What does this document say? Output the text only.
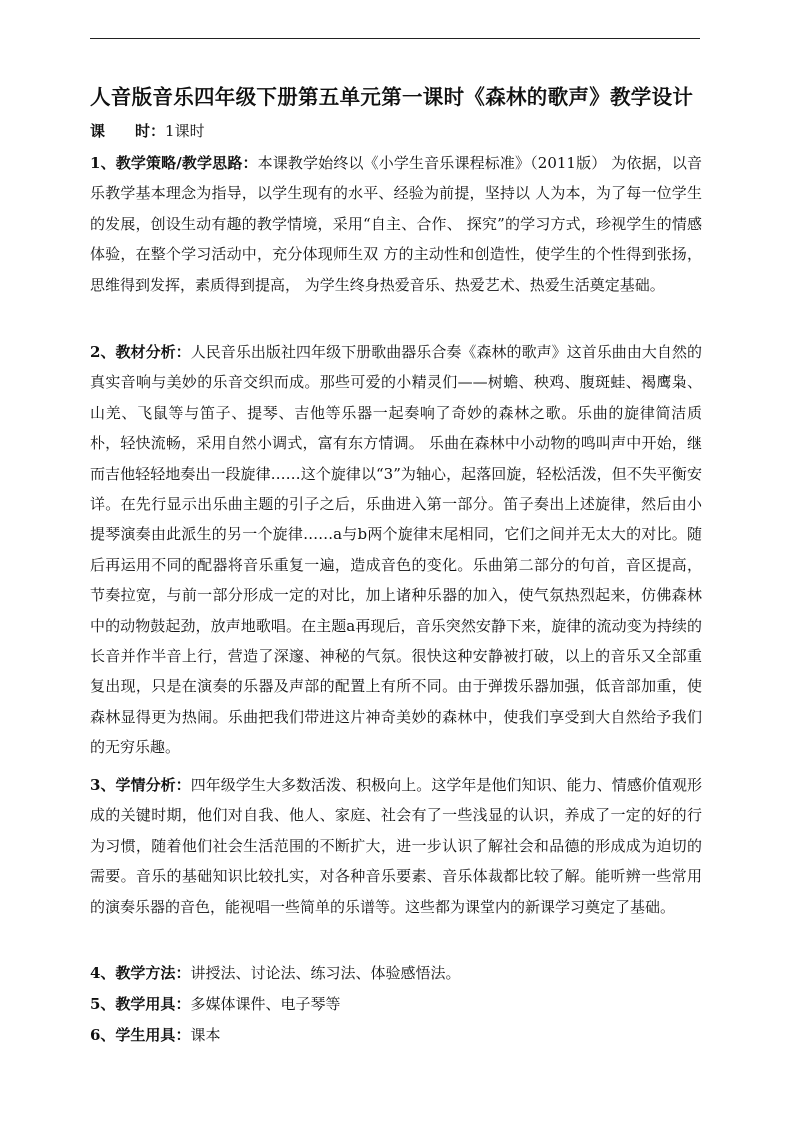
人音版音乐四年级下册第五单元第一课时《森林的歌声》教学设计
课 时：1课时
1、教学策略/教学思路：本课教学始终以《小学生音乐课程标准》（2011版） 为依据，以音乐教学基本理念为指导，以学生现有的水平、经验为前提，坚持以 人为本，为了每一位学生的发展，创设生动有趣的教学情境，采用“自主、合作、 探究”的学习方式，珍视学生的情感体验，在整个学习活动中，充分体现师生双 方的主动性和创造性，使学生的个性得到张扬，思维得到发挥，素质得到提高， 为学生终身热爱音乐、热爱艺术、热爱生活奠定基础。
2、教材分析：人民音乐出版社四年级下册歌曲器乐合奏《森林的歌声》这首乐曲由大自然的真实音响与美妙的乐音交织而成。那些可爱的小精灵们——树蟾、秧鸡、腹斑蛙、褐鹰枭、山羌、飞鼠等与笛子、提琴、吉他等乐器一起奏响了奇妙的森林之歌。乐曲的旋律简洁质朴，轻快流畅，采用自然小调式，富有东方情调。 乐曲在森林中小动物的鸣叫声中开始，继而吉他轻轻地奏出一段旋律……这个旋律以“3”为轴心，起落回旋，轻松活泼，但不失平衡安详。在先行显示出乐曲主题的引子之后，乐曲进入第一部分。笛子奏出上述旋律，然后由小提琴演奏由此派生的另一个旋律……a与b两个旋律末尾相同，它们之间并无太大的对比。随后再运用不同的配器将音乐重复一遍，造成音色的变化。乐曲第二部分的句首，音区提高，节奏拉宽，与前一部分形成一定的对比，加上诸种乐器的加入，使气氛热烈起来，仿佛森林中的动物鼓起劲，放声地歌唱。在主题a再现后，音乐突然安静下来，旋律的流动变为持续的长音并作半音上行，营造了深邃、神秘的气氛。很快这种安静被打破，以上的音乐又全部重复出现，只是在演奏的乐器及声部的配置上有所不同。由于弹拨乐器加强，低音部加重，使森林显得更为热闹。乐曲把我们带进这片神奇美妙的森林中，使我们享受到大自然给予我们的无穷乐趣。
3、学情分析：四年级学生大多数活泼、积极向上。这学年是他们知识、能力、情感价值观形成的关键时期，他们对自我、他人、家庭、社会有了一些浅显的认识，养成了一定的好的行为习惯，随着他们社会生活范围的不断扩大，进一步认识了解社会和品德的形成成为迫切的需要。音乐的基础知识比较扎实，对各种音乐要素、音乐体裁都比较了解。能听辨一些常用的演奏乐器的音色，能视唱一些简单的乐谱等。这些都为课堂内的新课学习奠定了基础。
4、教学方法：讲授法、讨论法、练习法、体验感悟法。
5、教学用具：多媒体课件、电子琴等
6、学生用具：课本
